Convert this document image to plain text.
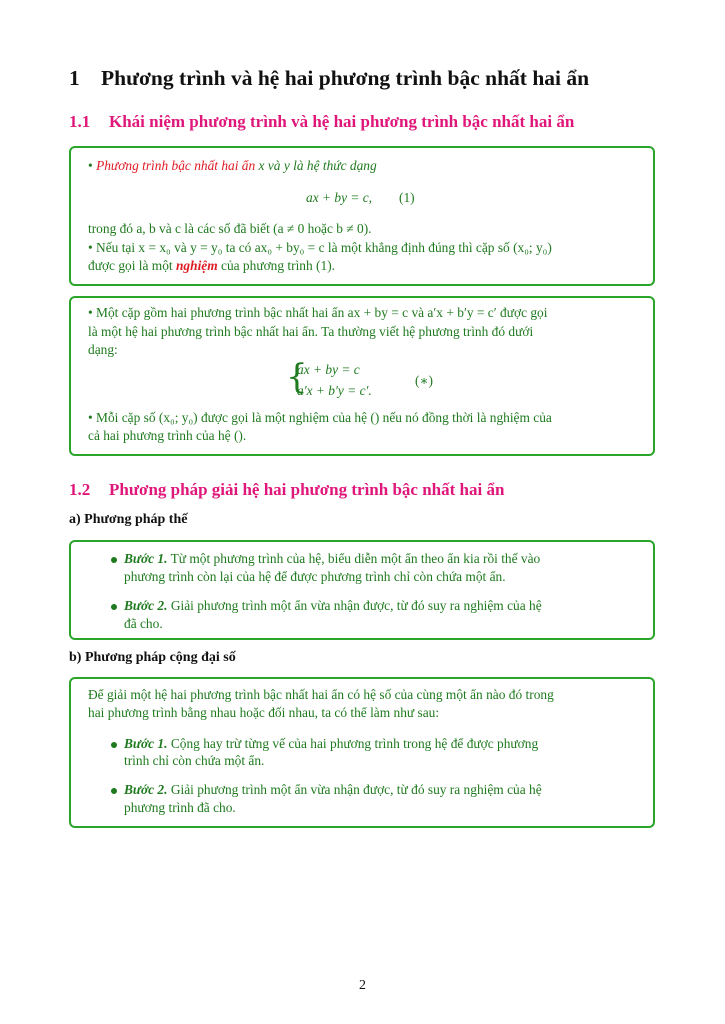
1 Phương trình và hệ hai phương trình bậc nhất hai ẩn
1.1 Khái niệm phương trình và hệ hai phương trình bậc nhất hai ẩn
• Phương trình bậc nhất hai ẩn x và y là hệ thức dạng
ax + by = c, (1)
trong đó a, b và c là các số đã biết (a ≠ 0 hoặc b ≠ 0).
• Nếu tại x = x₀ và y = y₀ ta có ax₀ + by₀ = c là một khẳng định đúng thì cặp số (x₀; y₀)
được gọi là một nghiệm của phương trình (1).
• Một cặp gồm hai phương trình bậc nhất hai ẩn ax + by = c và a′x + b′y = c′ được gọi
là một hệ hai phương trình bậc nhất hai ẩn. Ta thường viết hệ phương trình đó dưới
dạng:
{
ax + by = c
a′x + b′y = c′.
(∗)
• Mỗi cặp số (x₀; y₀) được gọi là một nghiệm của hệ () nếu nó đồng thời là nghiệm của
cả hai phương trình của hệ ().
1.2 Phương pháp giải hệ hai phương trình bậc nhất hai ẩn
a) Phương pháp thế
Bước 1. Từ một phương trình của hệ, biểu diễn một ẩn theo ẩn kia rồi thế vào
phương trình còn lại của hệ để được phương trình chỉ còn chứa một ẩn.
Bước 2. Giải phương trình một ẩn vừa nhận được, từ đó suy ra nghiệm của hệ
đã cho.
b) Phương pháp cộng đại số
Để giải một hệ hai phương trình bậc nhất hai ẩn có hệ số của cùng một ẩn nào đó trong
hai phương trình bằng nhau hoặc đối nhau, ta có thể làm như sau:
Bước 1. Cộng hay trừ từng vế của hai phương trình trong hệ để được phương
trình chỉ còn chứa một ẩn.
Bước 2. Giải phương trình một ẩn vừa nhận được, từ đó suy ra nghiệm của hệ
phương trình đã cho.
2
